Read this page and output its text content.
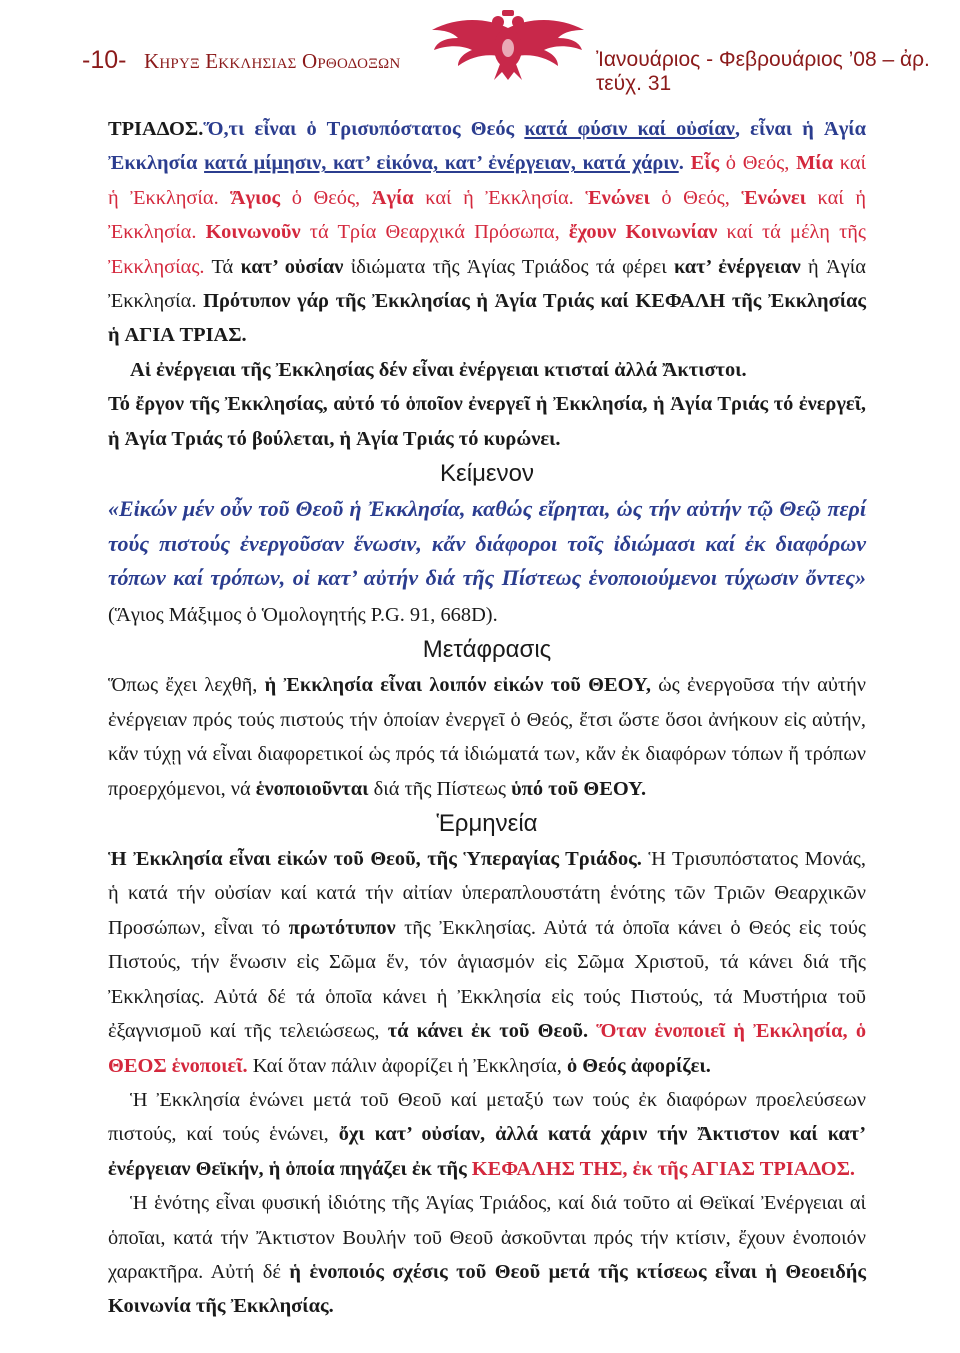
-10- Κηρυξ Εκκλησιας Ορθοδοξων	Ἰανουάριος - Φεβρουάριος ’08 – ἀρ. τεύχ. 31

ΤΡΙΑΔΟΣ.Ὅ,τι εἶναι ὁ Τρισυπόστατος Θεός κατά φύσιν καί οὐσίαν, εἶναι ἡ Ἁγία Ἐκκλησία κατά μίμησιν, κατ’ εἰκόνα, κατ’ ἐνέργειαν, κατά χάριν. Εἷς ὁ Θεός, Μία καί ἡ Ἐκκλησία. Ἅγιος ὁ Θεός, Ἁγία καί ἡ Ἐκκλησία. Ἑνώνει ὁ Θεός, Ἑνώνει καί ἡ Ἐκκλησία. Κοινωνοῦν τά Τρία Θεαρχικά Πρόσωπα, ἔχουν Κοινωνίαν καί τά μέλη τῆς Ἐκκλησίας. Τά κατ’ οὐσίαν ἰδιώματα τῆς Ἁγίας Τριάδος τά φέρει κατ’ ἐνέργειαν ἡ Ἁγία Ἐκκλησία. Πρότυπον γάρ τῆς Ἐκκλησίας ἡ Ἁγία Τριάς καί ΚΕΦΑΛΗ τῆς Ἐκκλησίας ἡ ΑΓΙΑ ΤΡΙΑΣ.

Αἱ ἐνέργειαι τῆς Ἐκκλησίας δέν εἶναι ἐνέργειαι κτισταί ἀλλά Ἄκτιστοι.

Τό ἔργον τῆς Ἐκκλησίας, αὐτό τό ὁποῖον ἐνεργεῖ ἡ Ἐκκλησία, ἡ Ἁγία Τριάς τό ἐνεργεῖ, ἡ Ἁγία Τριάς τό βούλεται, ἡ Ἁγία Τριάς τό κυρώνει.

Κείμενον

«Εἰκών μέν οὖν τοῦ Θεοῦ ἡ Ἐκκλησία, καθώς εἴρηται, ὡς τήν αὐτήν τῷ Θεῷ περί τούς πιστούς ἐνεργοῦσαν ἕνωσιν, κἄν διάφοροι τοῖς ἰδιώμασι καί ἐκ διαφόρων τόπων καί τρόπων, οἱ κατ’ αὐτήν διά τῆς Πίστεως ἑνοποιούμενοι τύχωσιν ὄντες» (Ἅγιος Μάξιμος ὁ Ὁμολογητής P.G. 91, 668D).

Μετάφρασις

Ὅπως ἔχει λεχθῆ, ἡ Ἐκκλησία εἶναι λοιπόν εἰκών τοῦ ΘΕΟΥ, ὡς ἐνεργοῦσα τήν αὐτήν ἐνέργειαν πρός τούς πιστούς τήν ὁποίαν ἐνεργεῖ ὁ Θεός, ἔτσι ὥστε ὅσοι ἀνήκουν εἰς αὐτήν, κἄν τύχῃ νά εἶναι διαφορετικοί ὡς πρός τά ἰδιώματά των, κἄν ἐκ διαφόρων τόπων ἤ τρόπων προερχόμενοι, νά ἑνοποιοῦνται διά τῆς Πίστεως ὑπό τοῦ ΘΕΟΥ.

Ἑρμηνεία

Ἡ Ἐκκλησία εἶναι εἰκών τοῦ Θεοῦ, τῆς Ὑπεραγίας Τριάδος. Ἡ Τρισυπόστατος Μονάς, ἡ κατά τήν οὐσίαν καί κατά τήν αἰτίαν ὑπεραπλουστάτη ἑνότης τῶν Τριῶν Θεαρχικῶν Προσώπων, εἶναι τό πρωτότυπον τῆς Ἐκκλησίας. Αὐτά τά ὁποῖα κάνει ὁ Θεός εἰς τούς Πιστούς, τήν ἕνωσιν εἰς Σῶμα ἕν, τόν ἁγιασμόν εἰς Σῶμα Χριστοῦ, τά κάνει διά τῆς Ἐκκλησίας. Αὐτά δέ τά ὁποῖα κάνει ἡ Ἐκκλησία εἰς τούς Πιστούς, τά Μυστήρια τοῦ ἐξαγνισμοῦ καί τῆς τελειώσεως, τά κάνει ἐκ τοῦ Θεοῦ. Ὅταν ἑνοποιεῖ ἡ Ἐκκλησία, ὁ ΘΕΟΣ ἑνοποιεῖ. Καί ὅταν πάλιν ἀφορίζει ἡ Ἐκκλησία, ὁ Θεός ἀφορίζει.

Ἡ Ἐκκλησία ἑνώνει μετά τοῦ Θεοῦ καί μεταξύ των τούς ἐκ διαφόρων προελεύσεων πιστούς, καί τούς ἑνώνει, ὄχι κατ’ οὐσίαν, ἀλλά κατά χάριν τήν Ἄκτιστον καί κατ’ ἐνέργειαν Θεϊκήν, ἡ ὁποία πηγάζει ἐκ τῆς ΚΕΦΑΛΗΣ ΤΗΣ, ἐκ τῆς ΑΓΙΑΣ ΤΡΙΑΔΟΣ.

Ἡ ἑνότης εἶναι φυσική ἰδιότης τῆς Ἁγίας Τριάδος, καί διά τοῦτο αἱ Θεϊκαί Ἐνέργειαι αἱ ὁποῖαι, κατά τήν Ἄκτιστον Βουλήν τοῦ Θεοῦ ἀσκοῦνται πρός τήν κτίσιν, ἔχουν ἑνοποιόν χαρακτῆρα. Αὐτή δέ ἡ ἑνοποιός σχέσις τοῦ Θεοῦ μετά τῆς κτίσεως εἶναι ἡ Θεοειδής Κοινωνία τῆς Ἐκκλησίας.
